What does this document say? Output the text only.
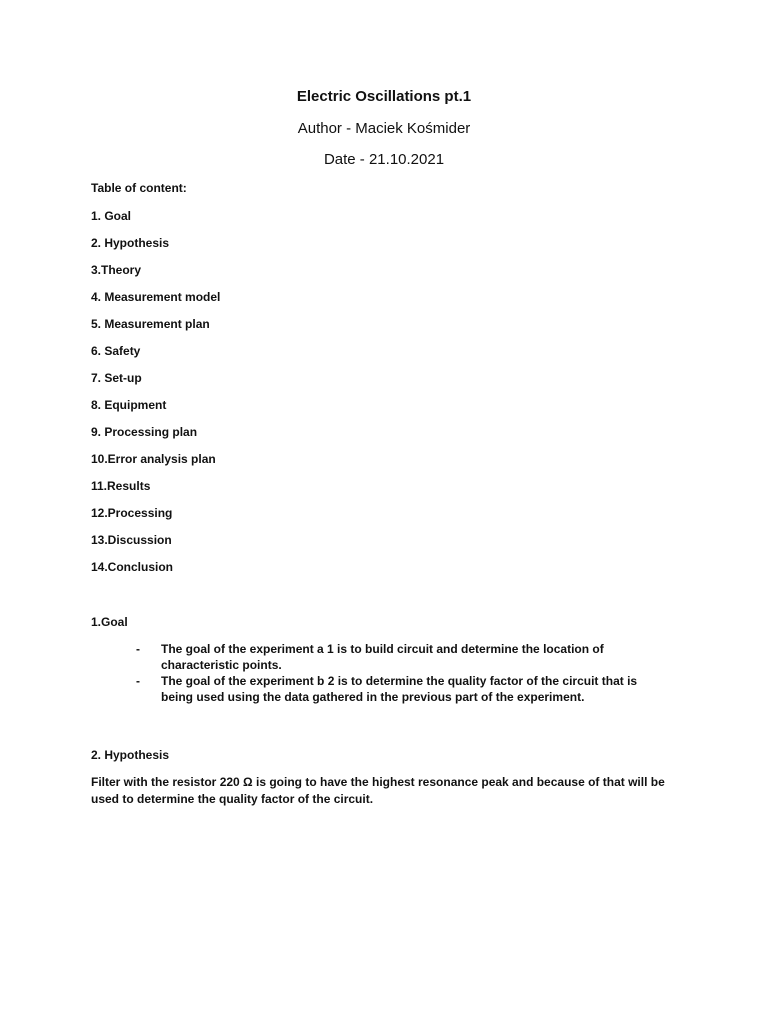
Electric Oscillations pt.1
Author - Maciek Kośmider
Date - 21.10.2021
Table of content:
1. Goal
2. Hypothesis
3.Theory
4. Measurement model
5. Measurement plan
6. Safety
7. Set-up
8. Equipment
9. Processing plan
10.Error analysis plan
11.Results
12.Processing
13.Discussion
14.Conclusion
1.Goal
- The goal of the experiment a 1 is to build circuit and determine the location of characteristic points.
- The goal of the experiment b 2 is to determine the quality factor of the circuit that is being used using the data gathered in the previous part of the experiment.
2. Hypothesis
Filter with the resistor 220 Ω is going to have the highest resonance peak and because of that will be used to determine the quality factor of the circuit.
